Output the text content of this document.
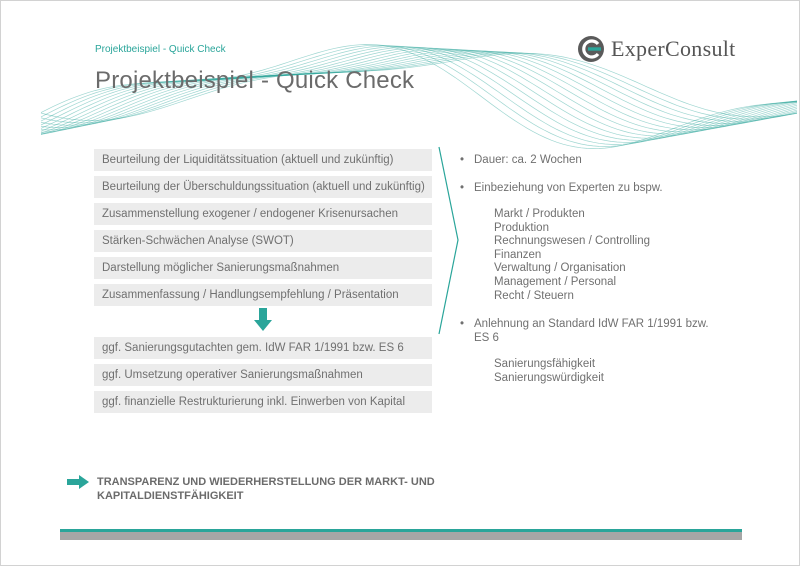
Projektbeispiel - Quick Check
Projektbeispiel - Quick Check
ExperConsult
Beurteilung der Liquiditätssituation (aktuell und zukünftig)
Beurteilung der Überschuldungssituation (aktuell und zukünftig)
Zusammenstellung exogener / endogener Krisenursachen
Stärken-Schwächen Analyse (SWOT)
Darstellung möglicher Sanierungsmaßnahmen
Zusammenfassung / Handlungsempfehlung / Präsentation
ggf. Sanierungsgutachten gem. IdW FAR 1/1991 bzw. ES 6
ggf. Umsetzung operativer Sanierungsmaßnahmen
ggf. finanzielle Restrukturierung inkl. Einwerben von Kapital
• Dauer: ca. 2 Wochen
• Einbeziehung von Experten zu bspw.
Markt / Produkten
Produktion
Rechnungswesen / Controlling
Finanzen
Verwaltung / Organisation
Management / Personal
Recht / Steuern
• Anlehnung an Standard IdW FAR 1/1991 bzw.
ES 6
Sanierungsfähigkeit
Sanierungswürdigkeit
TRANSPARENZ UND WIEDERHERSTELLUNG DER MARKT- UND
KAPITALDIENSTFÄHIGKEIT
